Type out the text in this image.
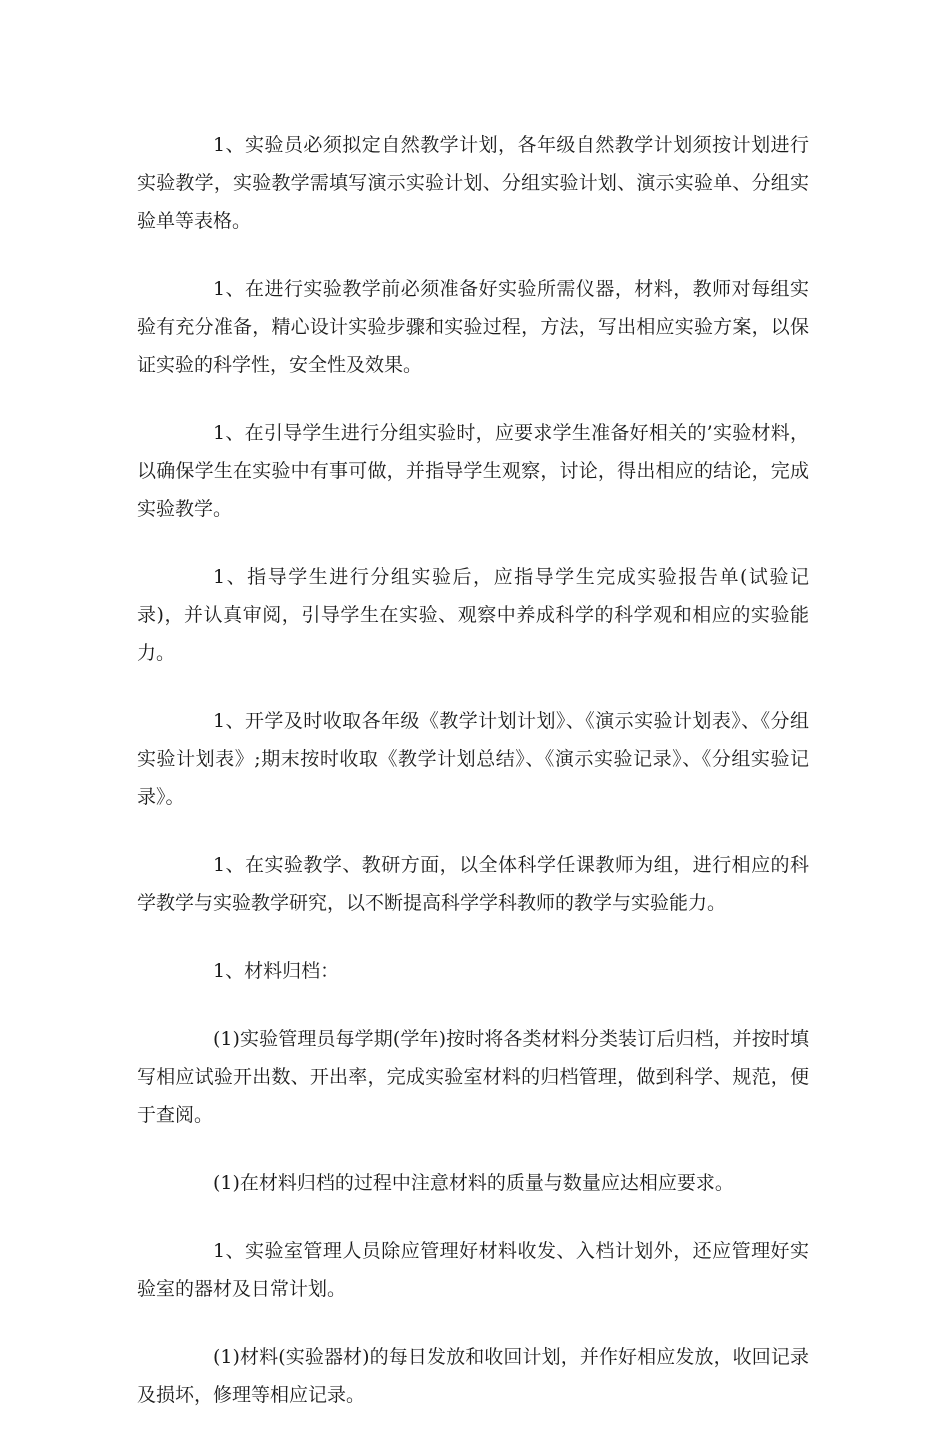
1、实验员必须拟定自然教学计划，各年级自然教学计划须按计划进行实验教学，实验教学需填写演示实验计划、分组实验计划、演示实验单、分组实验单等表格。

1、在进行实验教学前必须准备好实验所需仪器，材料，教师对每组实验有充分准备，精心设计实验步骤和实验过程，方法，写出相应实验方案，以保证实验的科学性，安全性及效果。

1、在引导学生进行分组实验时，应要求学生准备好相关的’实验材料，以确保学生在实验中有事可做，并指导学生观察，讨论，得出相应的结论，完成实验教学。

1、指导学生进行分组实验后，应指导学生完成实验报告单(试验记录)，并认真审阅，引导学生在实验、观察中养成科学的科学观和相应的实验能力。

1、开学及时收取各年级《教学计划计划》、《演示实验计划表》、《分组实验计划表》;期末按时收取《教学计划总结》、《演示实验记录》、《分组实验记录》。

1、在实验教学、教研方面，以全体科学任课教师为组，进行相应的科学教学与实验教学研究，以不断提高科学学科教师的教学与实验能力。

1、材料归档：

(1)实验管理员每学期(学年)按时将各类材料分类装订后归档，并按时填写相应试验开出数、开出率，完成实验室材料的归档管理，做到科学、规范，便于查阅。

(1)在材料归档的过程中注意材料的质量与数量应达相应要求。

1、实验室管理人员除应管理好材料收发、入档计划外，还应管理好实验室的器材及日常计划。

(1)材料(实验器材)的每日发放和收回计划，并作好相应发放，收回记录及损坏，修理等相应记录。
